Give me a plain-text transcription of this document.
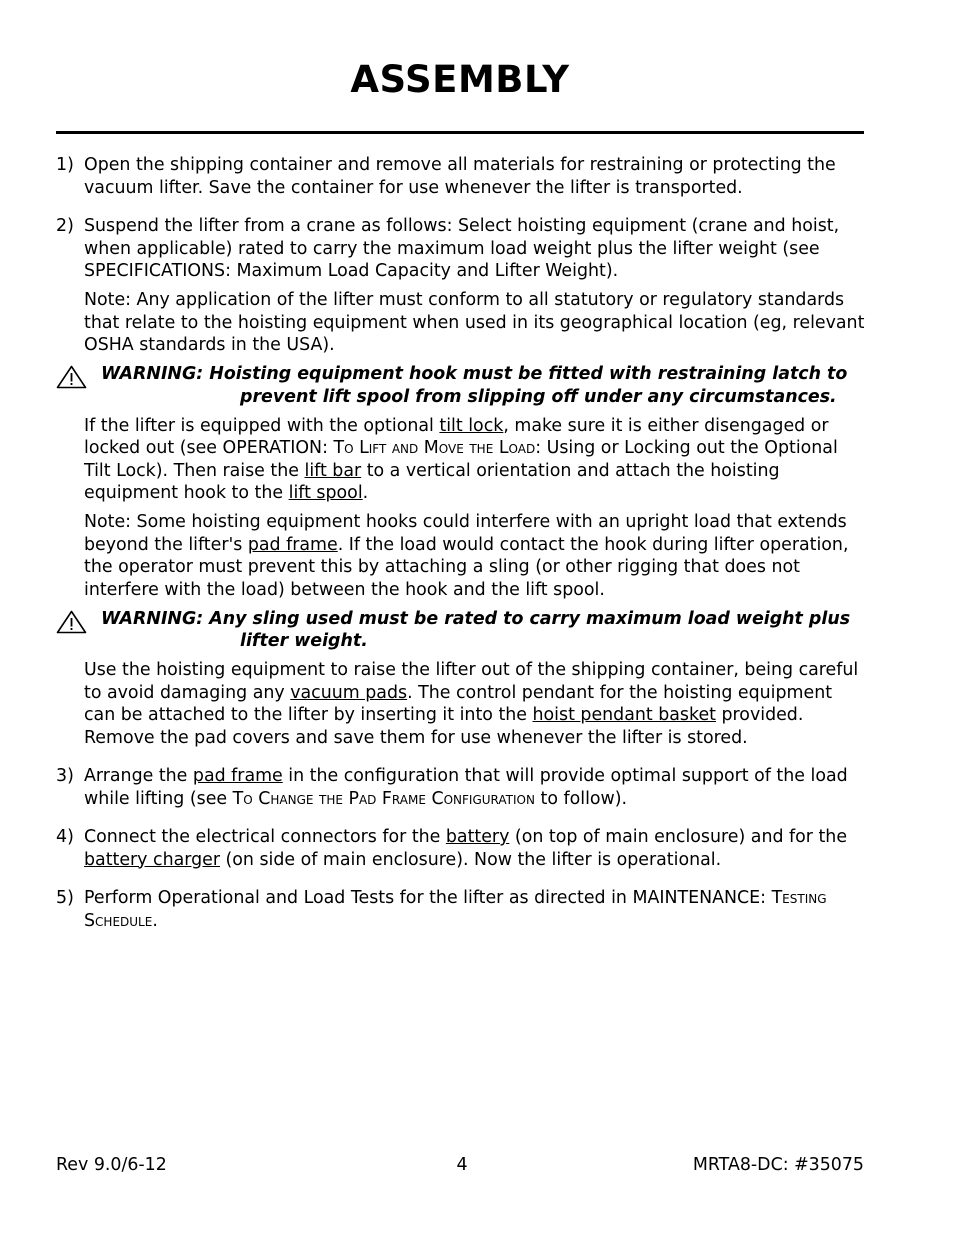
ASSEMBLY
1) Open the shipping container and remove all materials for restraining or protecting the vacuum lifter. Save the container for use whenever the lifter is transported.

2) Suspend the lifter from a crane as follows: Select hoisting equipment (crane and hoist, when applicable) rated to carry the maximum load weight plus the lifter weight (see SPECIFICATIONS: Maximum Load Capacity and Lifter Weight).

Note: Any application of the lifter must conform to all statutory or regulatory standards that relate to the hoisting equipment when used in its geographical location (eg, relevant OSHA standards in the USA).

WARNING: Hoisting equipment hook must be fitted with restraining latch to
prevent lift spool from slipping off under any circumstances.

If the lifter is equipped with the optional tilt lock, make sure it is either disengaged or locked out (see OPERATION: To Lift and Move the Load: Using or Locking out the Optional Tilt Lock). Then raise the lift bar to a vertical orientation and attach the hoisting equipment hook to the lift spool.

Note: Some hoisting equipment hooks could interfere with an upright load that extends beyond the lifter's pad frame. If the load would contact the hook during lifter operation, the operator must prevent this by attaching a sling (or other rigging that does not interfere with the load) between the hook and the lift spool.

WARNING: Any sling used must be rated to carry maximum load weight plus
lifter weight.

Use the hoisting equipment to raise the lifter out of the shipping container, being careful to avoid damaging any vacuum pads. The control pendant for the hoisting equipment can be attached to the lifter by inserting it into the hoist pendant basket provided. Remove the pad covers and save them for use whenever the lifter is stored.

3) Arrange the pad frame in the configuration that will provide optimal support of the load while lifting (see To Change the Pad Frame Configuration to follow).

4) Connect the electrical connectors for the battery (on top of main enclosure) and for the battery charger (on side of main enclosure). Now the lifter is operational.

5) Perform Operational and Load Tests for the lifter as directed in MAINTENANCE: Testing Schedule.

Rev 9.0/6-12	4	MRTA8-DC: #35075
